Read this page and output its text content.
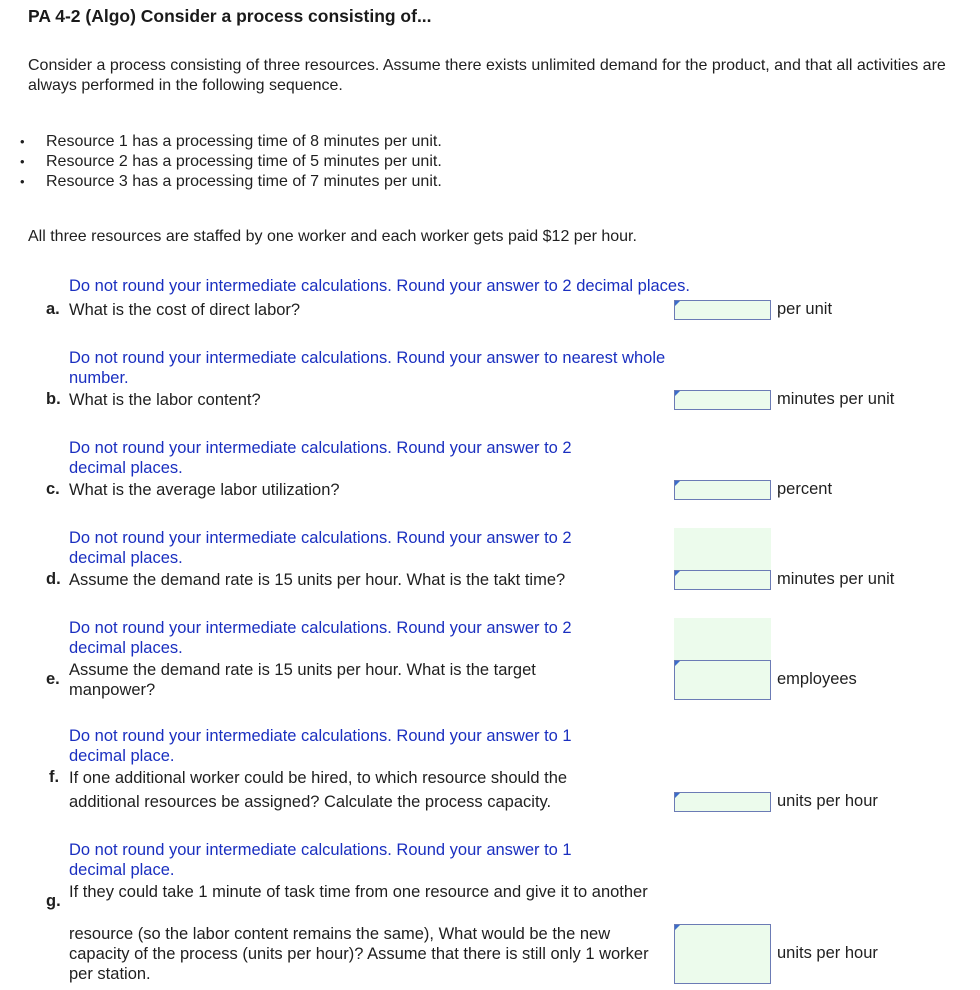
PA 4-2 (Algo) Consider a process consisting of...
Consider a process consisting of three resources. Assume there exists unlimited demand for the product, and that all activities are always performed in the following sequence.
• Resource 1 has a processing time of 8 minutes per unit.
• Resource 2 has a processing time of 5 minutes per unit.
• Resource 3 has a processing time of 7 minutes per unit.
All three resources are staffed by one worker and each worker gets paid $12 per hour.
Do not round your intermediate calculations. Round your answer to 2 decimal places.
a. What is the cost of direct labor?	per unit
Do not round your intermediate calculations. Round your answer to nearest whole number.
b. What is the labor content?	minutes per unit
Do not round your intermediate calculations. Round your answer to 2 decimal places.
c. What is the average labor utilization?	percent
Do not round your intermediate calculations. Round your answer to 2 decimal places.
d. Assume the demand rate is 15 units per hour. What is the takt time?	minutes per unit
Do not round your intermediate calculations. Round your answer to 2 decimal places.
e. Assume the demand rate is 15 units per hour. What is the target manpower?
employees
Do not round your intermediate calculations. Round your answer to 1 decimal place.
f. If one additional worker could be hired, to which resource should the
additional resources be assigned? Calculate the process capacity.	units per hour
Do not round your intermediate calculations. Round your answer to 1 decimal place.
g. If they could take 1 minute of task time from one resource and give it to another
resource (so the labor content remains the same), What would be the new capacity of the process (units per hour)? Assume that there is still only 1 worker per station.
units per hour
